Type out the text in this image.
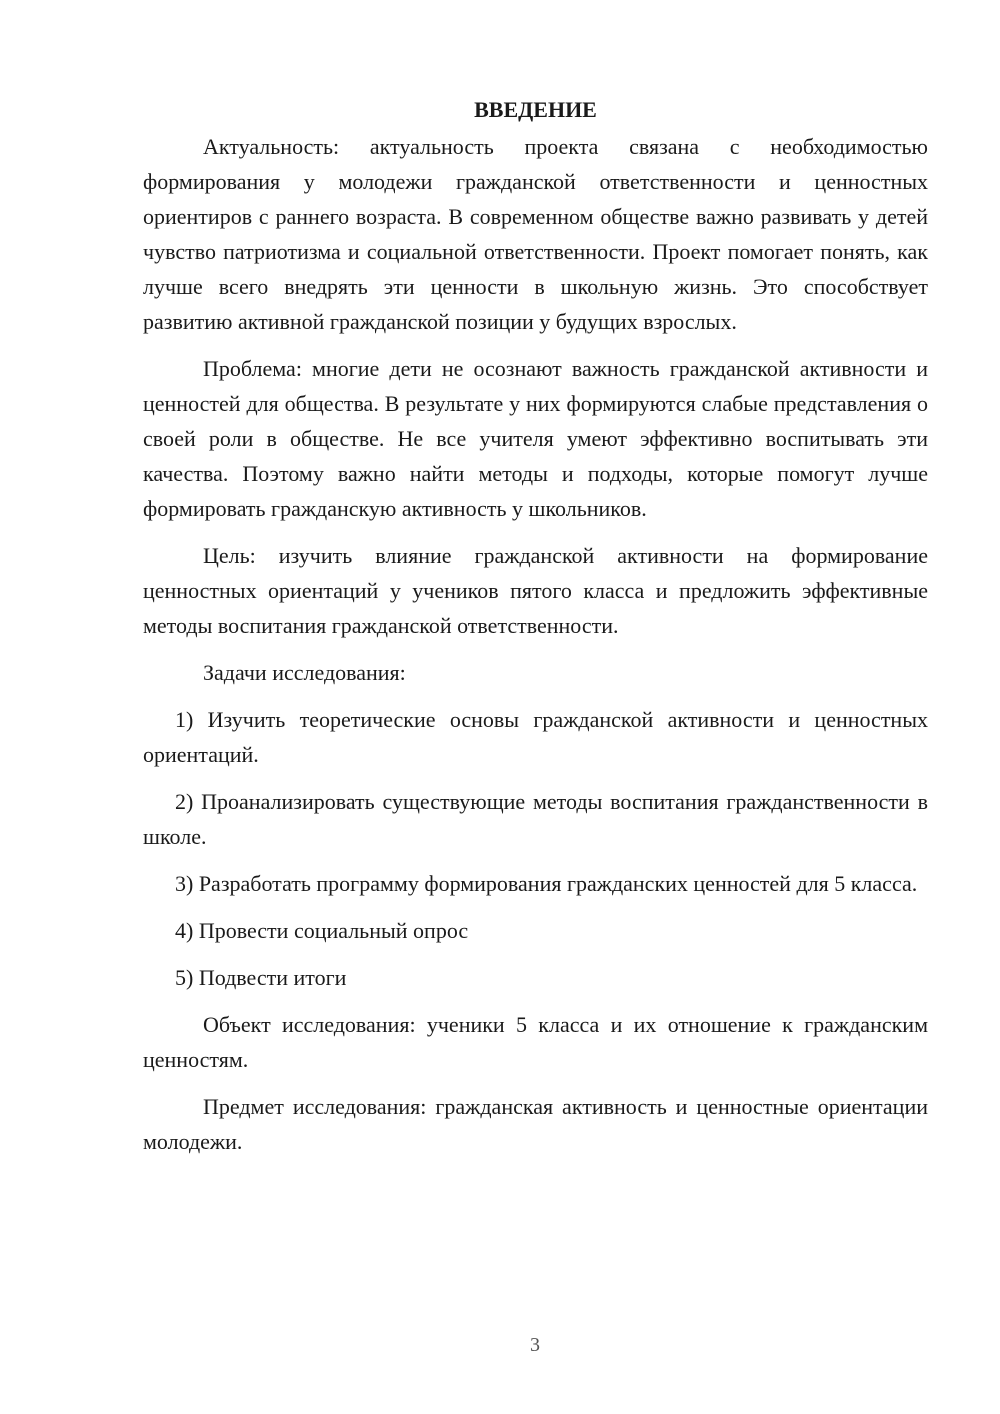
ВВЕДЕНИЕ

Актуальность: актуальность проекта связана с необходимостью формирования у молодежи гражданской ответственности и ценностных ориентиров с раннего возраста. В современном обществе важно развивать у детей чувство патриотизма и социальной ответственности. Проект помогает понять, как лучше всего внедрять эти ценности в школьную жизнь. Это способствует развитию активной гражданской позиции у будущих взрослых.

Проблема: многие дети не осознают важность гражданской активности и ценностей для общества. В результате у них формируются слабые представления о своей роли в обществе. Не все учителя умеют эффективно воспитывать эти качества. Поэтому важно найти методы и подходы, которые помогут лучше формировать гражданскую активность у школьников.

Цель: изучить влияние гражданской активности на формирование ценностных ориентаций у учеников пятого класса и предложить эффективные методы воспитания гражданской ответственности.

Задачи исследования:

1) Изучить теоретические основы гражданской активности и ценностных ориентаций.

2) Проанализировать существующие методы воспитания гражданственности в школе.

3) Разработать программу формирования гражданских ценностей для 5 класса.

4) Провести социальный опрос

5) Подвести итоги

Объект исследования: ученики 5 класса и их отношение к гражданским ценностям.

Предмет исследования: гражданская активность и ценностные ориентации молодежи.

3
